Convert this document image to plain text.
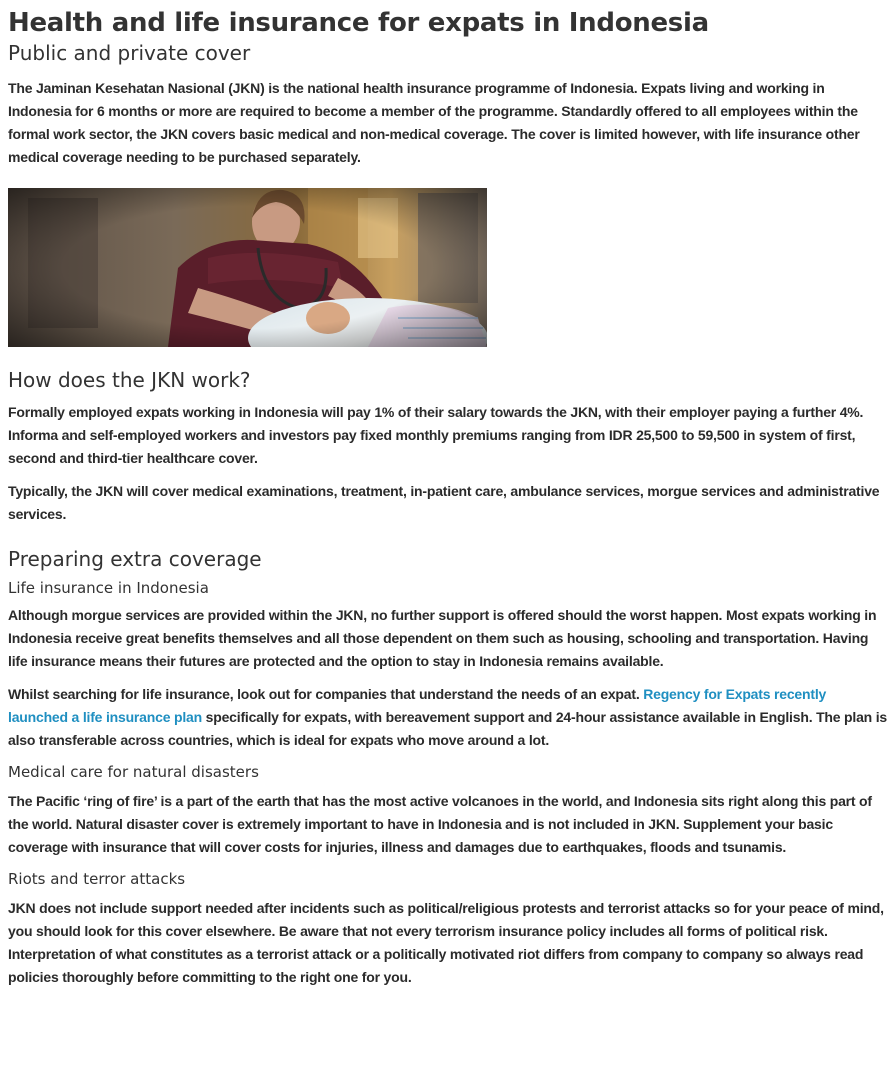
Health and life insurance for expats in Indonesia
Public and private cover

The Jaminan Kesehatan Nasional (JKN) is the national health insurance programme of Indonesia. Expats living and working in Indonesia for 6 months or more are required to become a member of the programme. Standardly offered to all employees within the formal work sector, the JKN covers basic medical and non-medical coverage. The cover is limited however, with life insurance other medical coverage needing to be purchased separately.

How does the JKN work?

Formally employed expats working in Indonesia will pay 1% of their salary towards the JKN, with their employer paying a further 4%. Informa and self-employed workers and investors pay fixed monthly premiums ranging from IDR 25,500 to 59,500 in system of first, second and third-tier healthcare cover.

Typically, the JKN will cover medical examinations, treatment, in-patient care, ambulance services, morgue services and administrative services.

Preparing extra coverage
Life insurance in Indonesia

Although morgue services are provided within the JKN, no further support is offered should the worst happen. Most expats working in Indonesia receive great benefits themselves and all those dependent on them such as housing, schooling and transportation. Having life insurance means their futures are protected and the option to stay in Indonesia remains available.

Whilst searching for life insurance, look out for companies that understand the needs of an expat. Regency for Expats recently launched a life insurance plan specifically for expats, with bereavement support and 24-hour assistance available in English. The plan is also transferable across countries, which is ideal for expats who move around a lot.

Medical care for natural disasters

The Pacific ‘ring of fire’ is a part of the earth that has the most active volcanoes in the world, and Indonesia sits right along this part of the world. Natural disaster cover is extremely important to have in Indonesia and is not included in JKN. Supplement your basic coverage with insurance that will cover costs for injuries, illness and damages due to earthquakes, floods and tsunamis.

Riots and terror attacks

JKN does not include support needed after incidents such as political/religious protests and terrorist attacks so for your peace of mind, you should look for this cover elsewhere. Be aware that not every terrorism insurance policy includes all forms of political risk. Interpretation of what constitutes as a terrorist attack or a politically motivated riot differs from company to company so always read policies thoroughly before committing to the right one for you.
